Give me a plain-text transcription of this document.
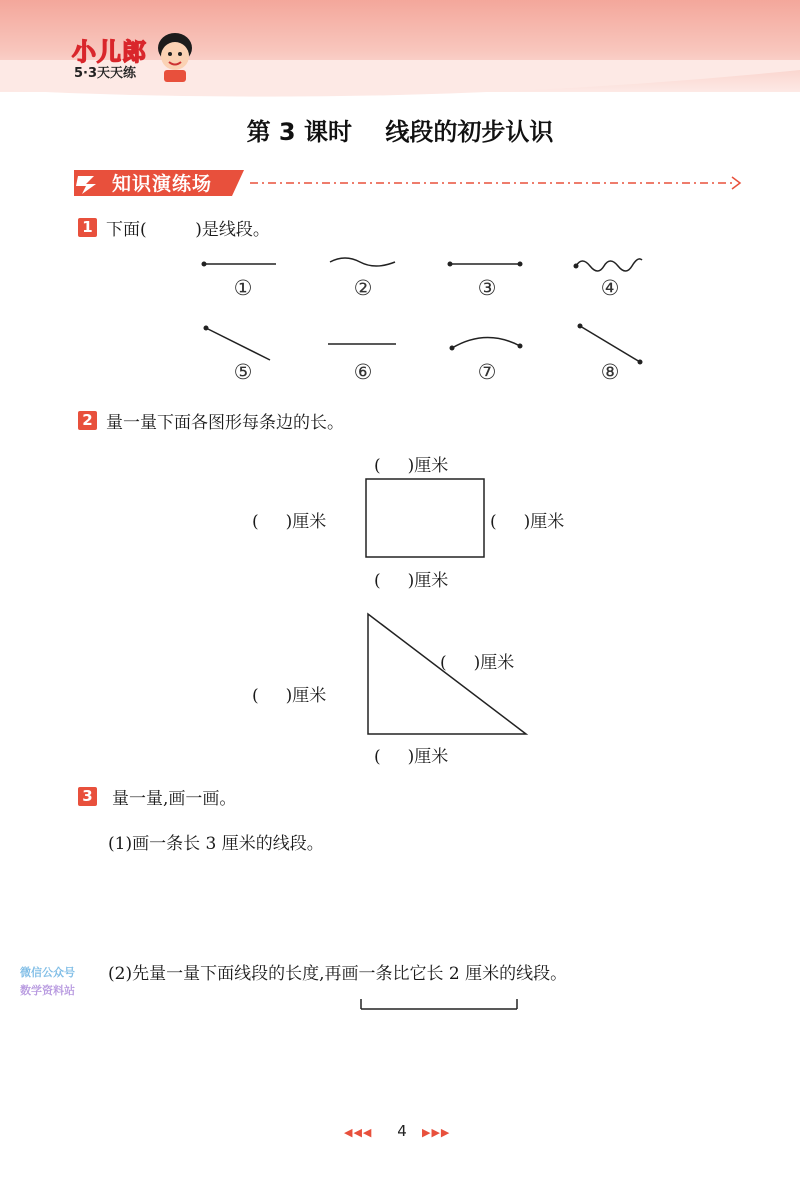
小儿郎
5·3天天练
第 3 课时    线段的初步认识
知识演练场
1 下面(         )是线段。
①	②	③	④
⑤	⑥	⑦	⑧
2 量一量下面各图形每条边的长。
(     )厘米
(     )厘米	(     )厘米
(     )厘米
(     )厘米
(     )厘米
(     )厘米
3 量一量,画一画。
(1)画一条长 3 厘米的线段。
(2)先量一量下面线段的长度,再画一条比它长 2 厘米的线段。
微信公众号
数学资料站
◀◀◀	4	▶▶▶
